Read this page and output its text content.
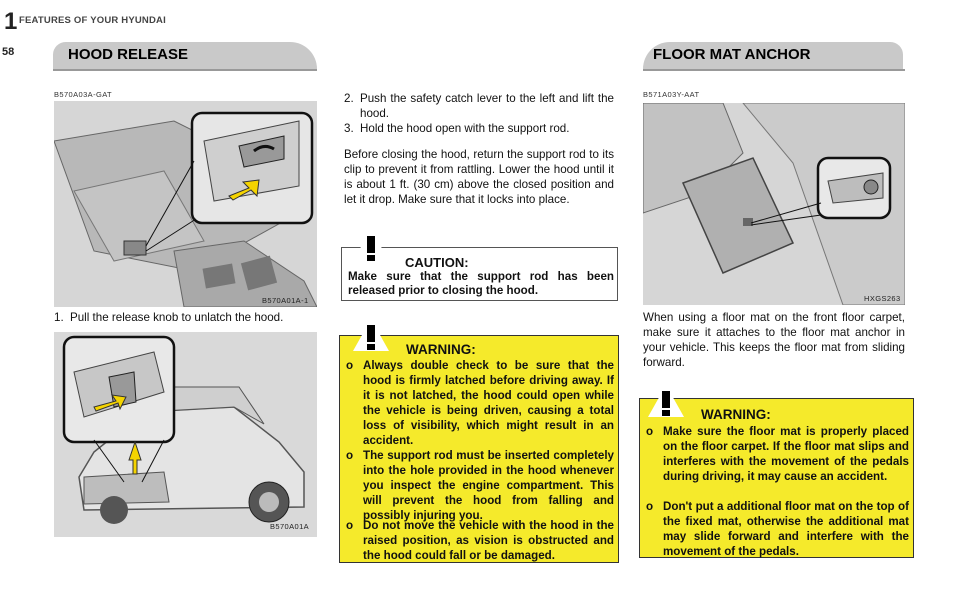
1 FEATURES OF YOUR HYUNDAI
58	HOOD RELEASE	FLOOR MAT ANCHOR
B570A03A-GAT
B570A01A-1
1. Pull the release knob to unlatch the hood.
B570A01A
2. Push the safety catch lever to the left and lift the hood.
3. Hold the hood open with the support rod.
Before closing the hood, return the support rod to its clip to prevent it from rattling. Lower the hood until it is about 1 ft. (30 cm) above the closed position and let it drop. Make sure that it locks into place.
CAUTION:
Make sure that the support rod has been released prior to closing the hood.
WARNING:
o Always double check to be sure that the hood is firmly latched before driving away. If it is not latched, the hood could open while the vehicle is being driven, causing a total loss of visibility, which might result in an accident.
o The support rod must be inserted completely into the hole provided in the hood whenever you inspect the engine compartment. This will prevent the hood from falling and possibly injuring you.
o Do not move the vehicle with the hood in the raised position, as vision is obstructed and the hood could fall or be damaged.
B571A03Y-AAT
HXGS263
When using a floor mat on the front floor carpet, make sure it attaches to the floor mat anchor in your vehicle. This keeps the floor mat from sliding forward.
WARNING:
o Make sure the floor mat is properly placed on the floor carpet. If the floor mat slips and interferes with the movement of the pedals during driving, it may cause an accident.
o Don't put a additional floor mat on the top of the fixed mat, otherwise the additional mat may slide forward and interfere with the movement of the pedals.
